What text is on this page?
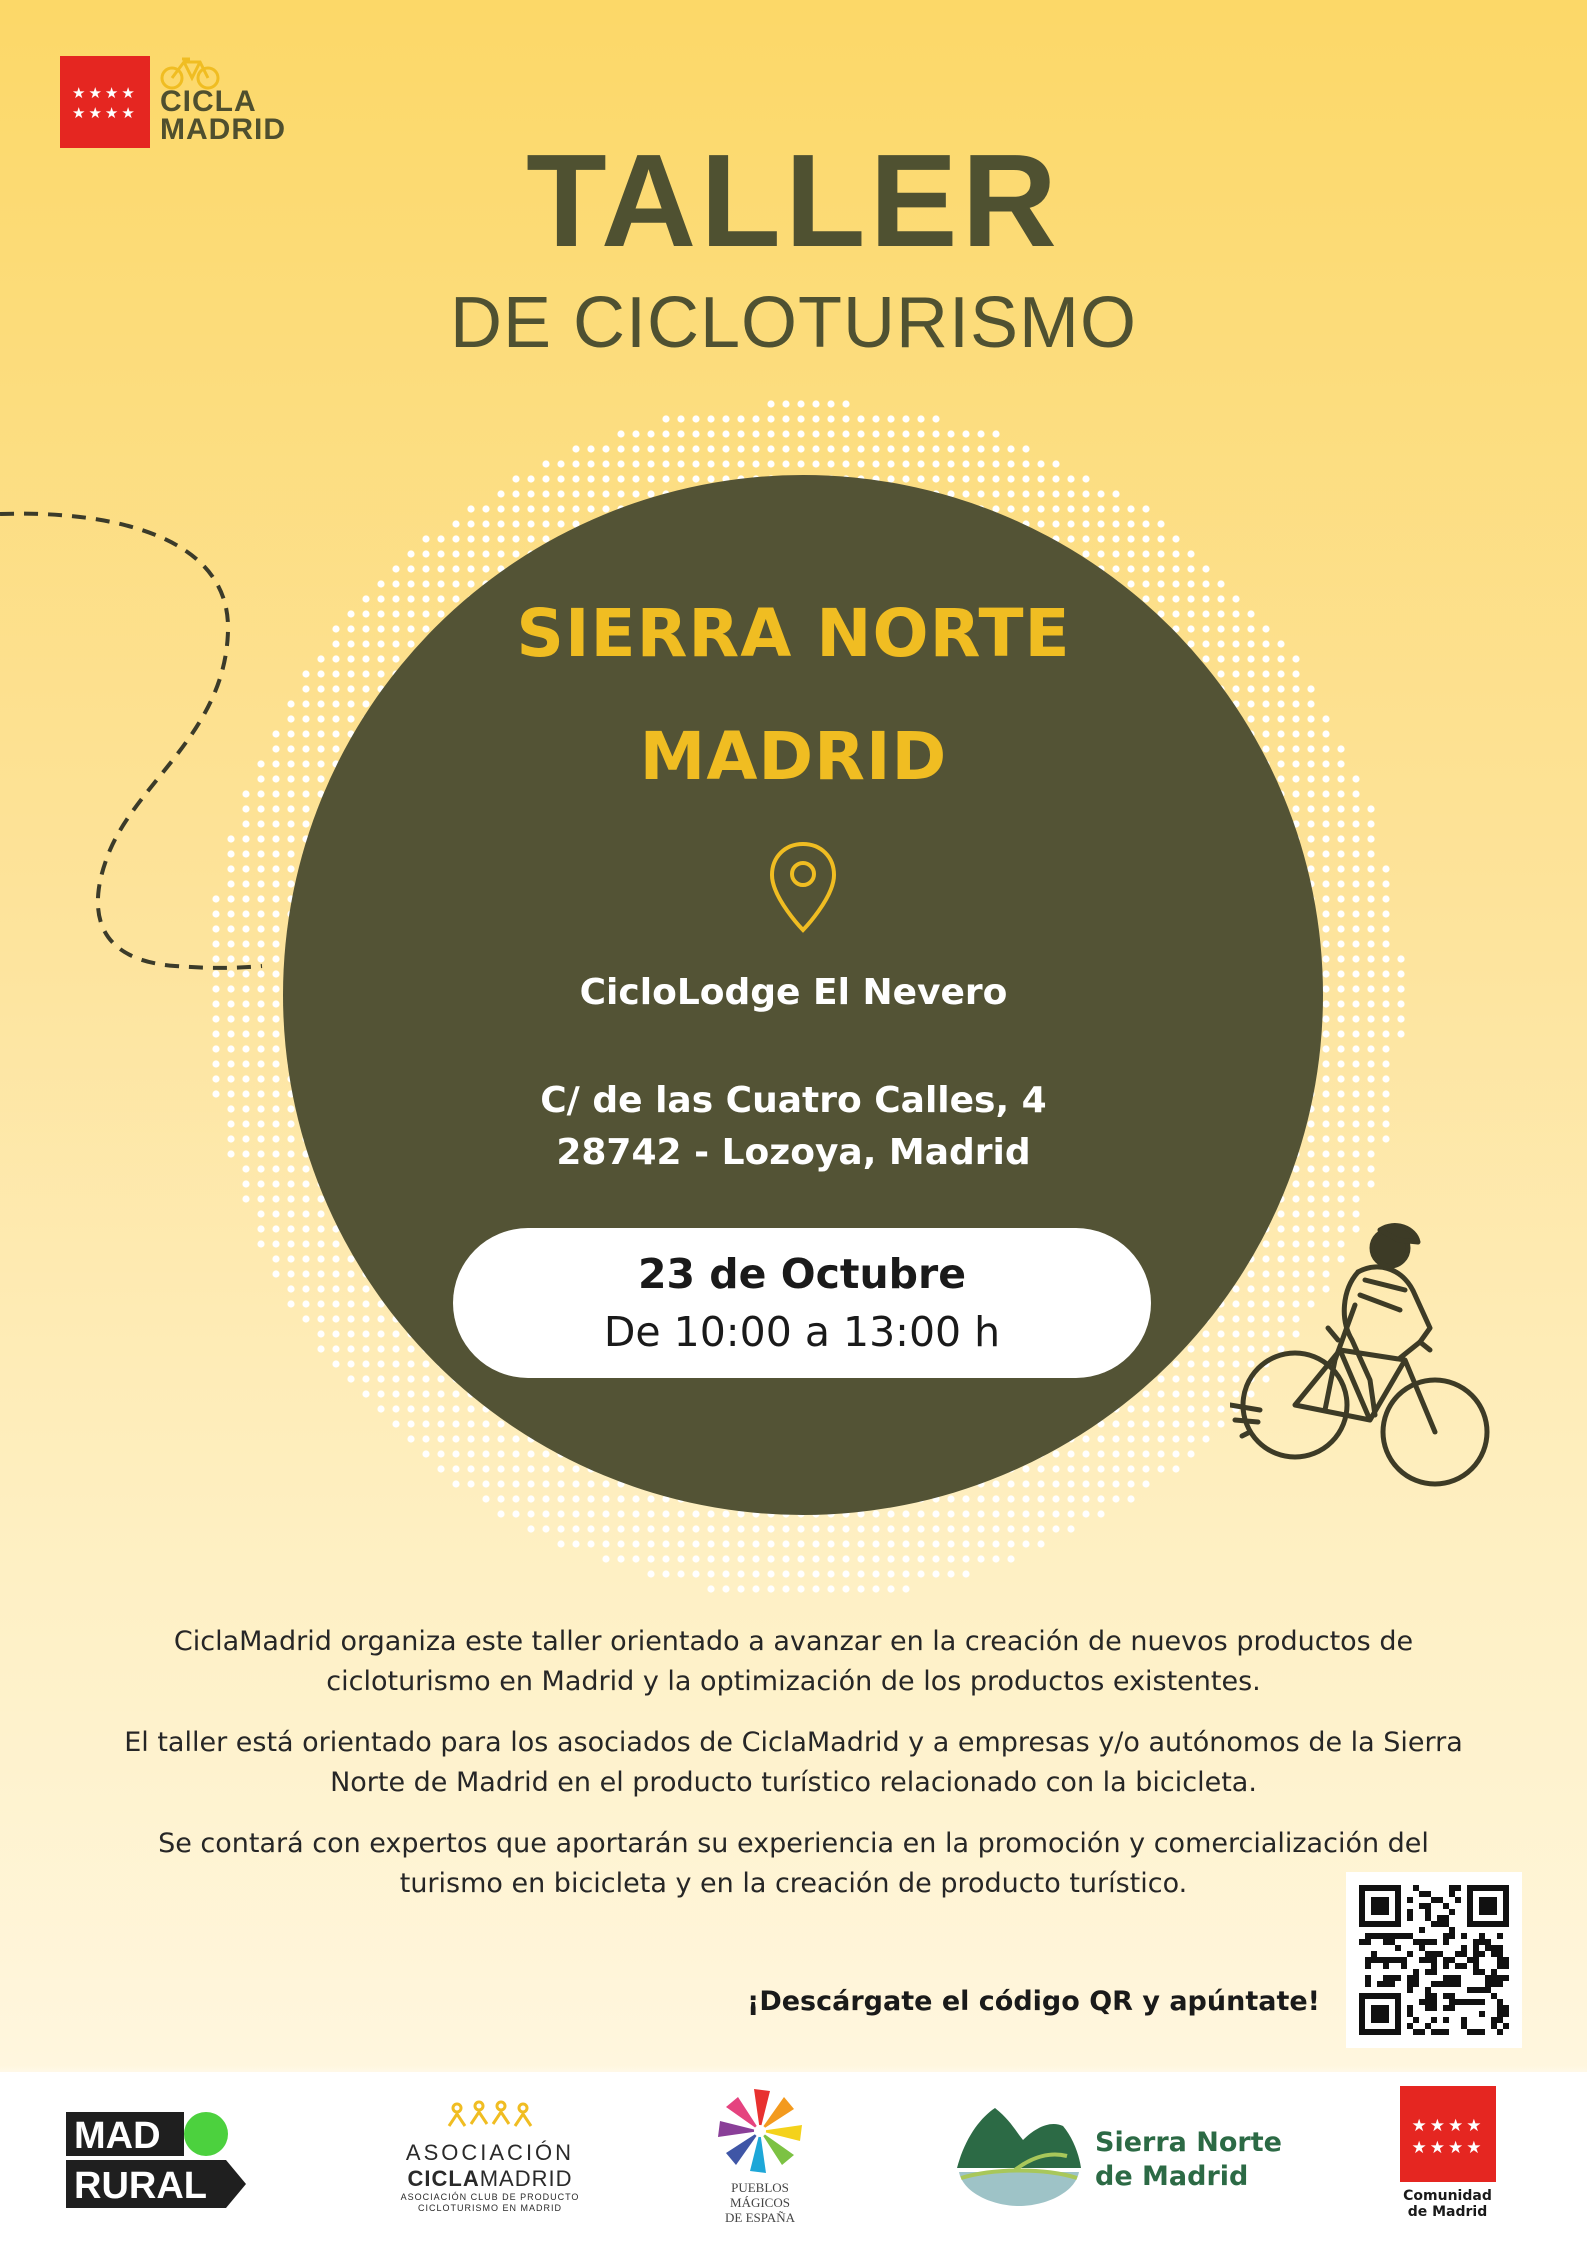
★★★★
★★★★ CICLA
MADRID	TALLER
DE CICLOTURISMO
SIERRA NORTE
MADRID
CicloLodge El Nevero
C/ de las Cuatro Calles, 4
28742 - Lozoya, Madrid
23 de Octubre
De 10:00 a 13:00 h
CiclaMadrid organiza este taller orientado a avanzar en la creación de nuevos productos de
cicloturismo en Madrid y la optimización de los productos existentes.
El taller está orientado para los asociados de CiclaMadrid y a empresas y/o autónomos de la Sierra
Norte de Madrid en el producto turístico relacionado con la bicicleta.
Se contará con expertos que aportarán su experiencia en la promoción y comercialización del
turismo en bicicleta y en la creación de producto turístico.
¡Descárgate el código QR y apúntate!
MAD
RURAL
ASOCIACIÓN
CICLAMADRID
ASOCIACIÓN CLUB DE PRODUCTO
CICLOTURISMO EN MADRID
PUEBLOS
MÁGICOS
DE ESPAÑA
Sierra Norte
de Madrid
★★★★
★★★★
Comunidad
de Madrid
